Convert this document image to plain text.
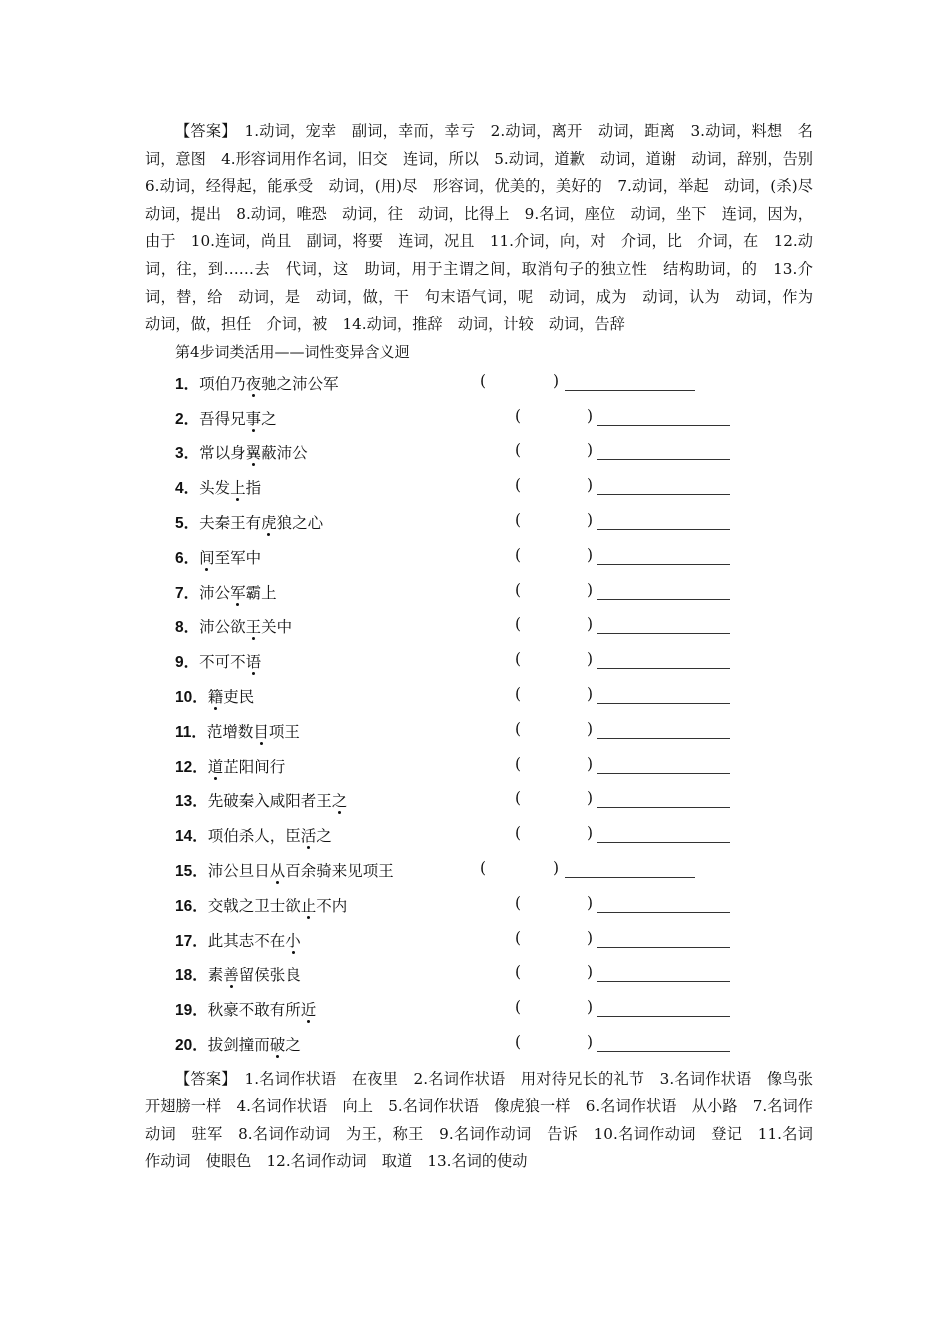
【答案】　1.动词，宠幸　副词，幸而，幸亏　2.动词，离开　动词，距离　3.动词，料想　名词，意图　4.形容词用作名词，旧交　连词，所以　5.动词，道歉　动词，道谢　动词，辞别，告别　6.动词，经得起，能承受　动词，(用)尽　形容词，优美的，美好的　7.动词，举起　动词，(杀)尽　动词，提出　8.动词，唯恐　动词，往　动词，比得上　9.名词，座位　动词，坐下　连词，因为，由于　10.连词，尚且　副词，将要　连词，况且　11.介词，向，对　介词，比　介词，在　12.动词，往，到……去　代词，这　助词，用于主谓之间，取消句子的独立性　结构助词，的　13.介词，替，给　动词，是　动词，做，干　句末语气词，呢　动词，成为　动词，认为　动词，作为　动词，做，担任　介词，被　14.动词，推辞　动词，计较　动词，告辞

第4步词类活用——词性变异含义迥

1．项伯乃夜驰之沛公军	(	)
2．吾得兄事之	(	)
3．常以身翼蔽沛公	(	)
4．头发上指	(	)
5．夫秦王有虎狼之心	(	)
6．间至军中	(	)
7．沛公军霸上	(	)
8．沛公欲王关中	(	)
9．不可不语	(	)
10．籍吏民	(	)
11．范增数目项王	(	)
12．道芷阳间行	(	)
13．先破秦入咸阳者王之	(	)
14．项伯杀人，臣活之	(	)
15．沛公旦日从百余骑来见项王	(	)
16．交戟之卫士欲止不内	(	)
17．此其志不在小	(	)
18．素善留侯张良	(	)
19．秋豪不敢有所近	(	)
20．拔剑撞而破之	(	)

【答案】　1.名词作状语　在夜里　2.名词作状语　用对待兄长的礼节　3.名词作状语　像鸟张开翅膀一样　4.名词作状语　向上　5.名词作状语　像虎狼一样　6.名词作状语　从小路　7.名词作动词　驻军　8.名词作动词　为王，称王　9.名词作动词　告诉　10.名词作动词　登记　11.名词作动词　使眼色　12.名词作动词　取道　13.名词的使动
